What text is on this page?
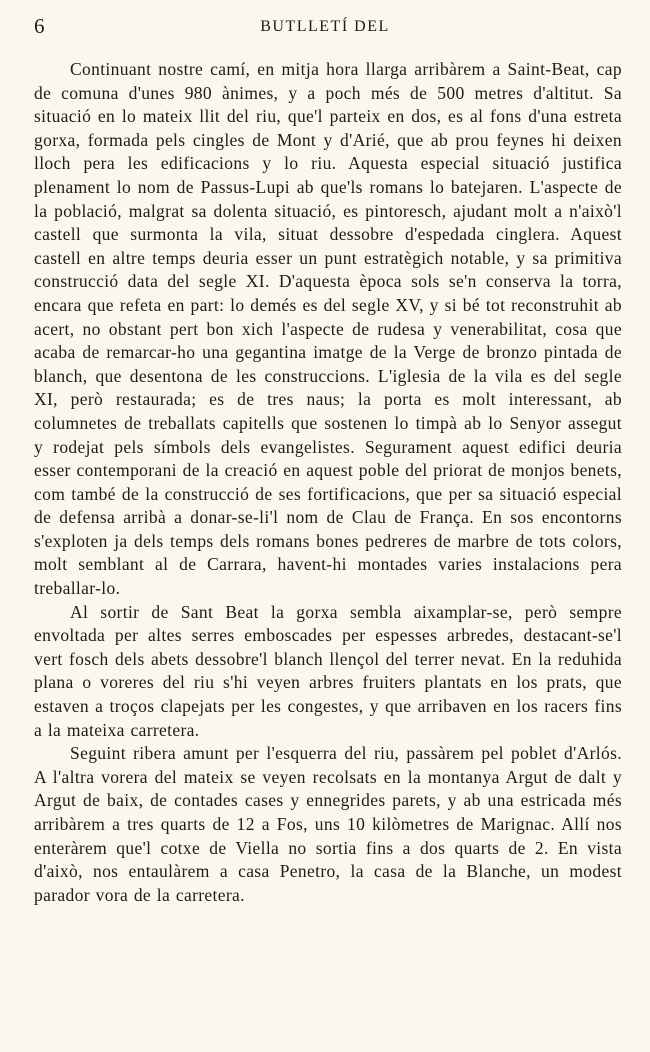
6	BUTLLETÍ DEL

Continuant nostre camí, en mitja hora llarga arribàrem a Saint-Beat, cap de comuna d'unes 980 ànimes, y a poch més de 500 metres d'altitut. Sa situació en lo mateix llit del riu, que'l parteix en dos, es al fons d'una estreta gorxa, formada pels cingles de Mont y d'Arié, que ab prou feynes hi deixen lloch pera les edificacions y lo riu. Aquesta especial situació justifica plenament lo nom de Passus-Lupi ab que'ls romans lo batejaren. L'aspecte de la població, malgrat sa dolenta situació, es pintoresch, ajudant molt a n'això'l castell que surmonta la vila, situat dessobre d'espedada cinglera. Aquest castell en altre temps deuria esser un punt estratègich notable, y sa primitiva construcció data del segle XI. D'aquesta època sols se'n conserva la torra, encara que refeta en part: lo demés es del segle XV, y si bé tot reconstruhit ab acert, no obstant pert bon xich l'aspecte de rudesa y venerabilitat, cosa que acaba de remarcar-ho una gegantina imatge de la Verge de bronzo pintada de blanch, que desentona de les construccions. L'iglesia de la vila es del segle XI, però restaurada; es de tres naus; la porta es molt interessant, ab columnetes de treballats capitells que sostenen lo timpà ab lo Senyor assegut y rodejat pels símbols dels evangelistes. Segurament aquest edifici deuria esser contemporani de la creació en aquest poble del priorat de monjos benets, com també de la construcció de ses fortificacions, que per sa situació especial de defensa arribà a donar-se-li'l nom de Clau de França. En sos encontorns s'exploten ja dels temps dels romans bones pedreres de marbre de tots colors, molt semblant al de Carrara, havent-hi montades varies instalacions pera treballar-lo.

Al sortir de Sant Beat la gorxa sembla aixamplar-se, però sempre envoltada per altes serres emboscades per espesses arbredes, destacant-se'l vert fosch dels abets dessobre'l blanch llençol del terrer nevat. En la reduhida plana o voreres del riu s'hi veyen arbres fruiters plantats en los prats, que estaven a troços clapejats per les congestes, y que arribaven en los racers fins a la mateixa carretera.

Seguint ribera amunt per l'esquerra del riu, passàrem pel poblet d'Arlós. A l'altra vorera del mateix se veyen recolsats en la montanya Argut de dalt y Argut de baix, de contades cases y ennegrides parets, y ab una estricada més arribàrem a tres quarts de 12 a Fos, uns 10 kilòmetres de Marignac. Allí nos enteràrem que'l cotxe de Viella no sortia fins a dos quarts de 2. En vista d'això, nos entaulàrem a casa Penetro, la casa de la Blanche, un modest parador vora de la carretera.
